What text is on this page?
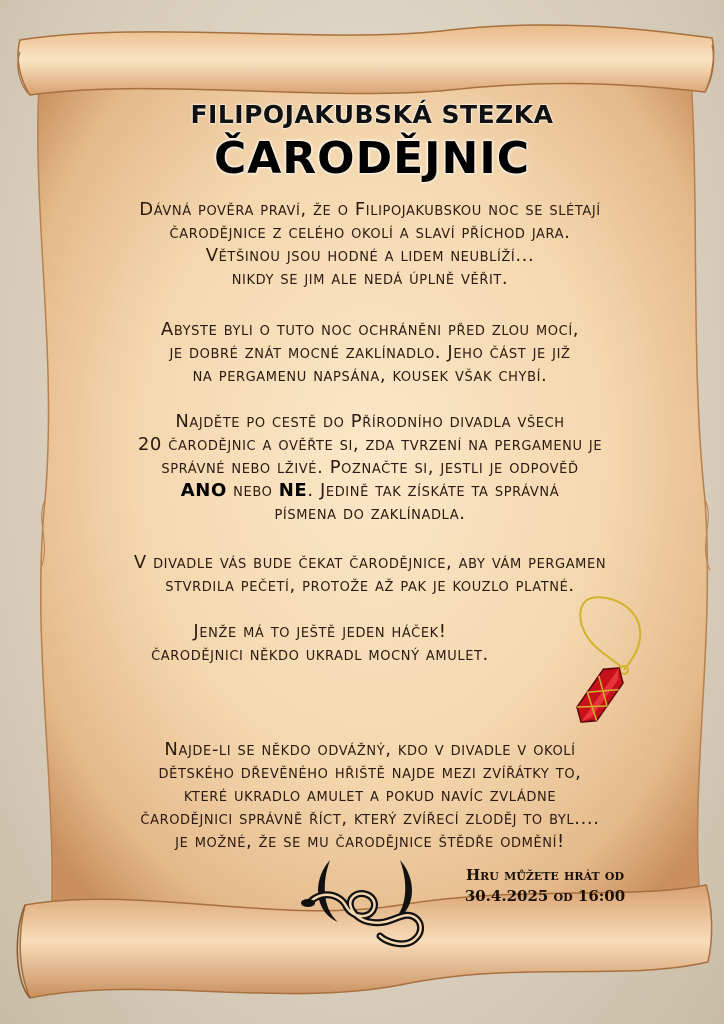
FILIPOJAKUBSKÁ STEZKA
ČARODĚJNIC
Dávná pověra praví, že o Filipojakubskou noc se slétají
čarodějnice z celého okolí a slaví příchod jara.
Většinou jsou hodné a lidem neublíží...
nikdy se jim ale nedá úplně věřit.
Abyste byli o tuto noc ochráněni před zlou mocí,
je dobré znát mocné zaklínadlo. Jeho část je již
na pergamenu napsána, kousek však chybí.
Najděte po cestě do Přírodního divadla všech
20 čarodějnic a ověřte si, zda tvrzení na pergamenu je
správné nebo lživé. Poznačte si, jestli je odpověď
ANO nebo NE. Jedině tak získáte ta správná
písmena do zaklínadla.
V divadle vás bude čekat čarodějnice, aby vám pergamen
stvrdila pečetí, protože až pak je kouzlo platné.
Jenže má to ještě jeden háček!
čarodějnici někdo ukradl mocný amulet.
Najde-li se někdo odvážný, kdo v divadle v okolí
dětského dřevěného hřiště najde mezi zvířátky to,
které ukradlo amulet a pokud navíc zvládne
čarodějnici správně říct, který zvířecí zloděj to byl....
je možné, že se mu čarodějnice štědře odmění!
Hru můžete hrát od
30.4.2025 od 16:00
